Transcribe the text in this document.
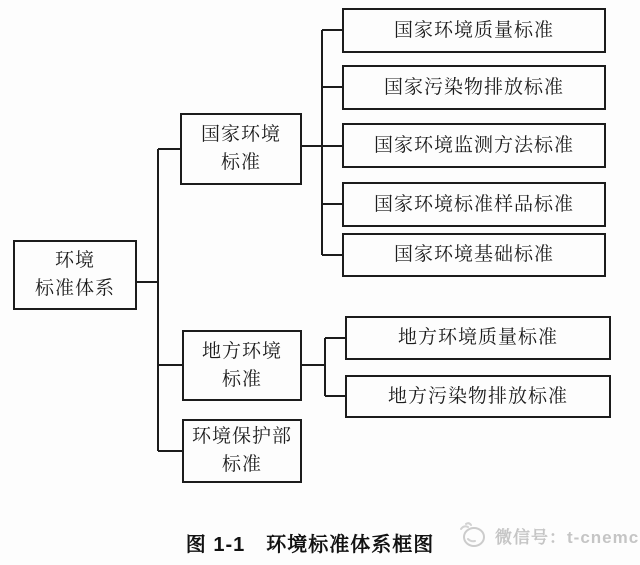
环境
标准体系
国家环境
标准
地方环境
标准
环境保护部
标准
国家环境质量标准
国家污染物排放标准
国家环境监测方法标准
国家环境标准样品标准
国家环境基础标准
地方环境质量标准
地方污染物排放标准
图 1-1　环境标准体系框图	微信号：t-cnemc
